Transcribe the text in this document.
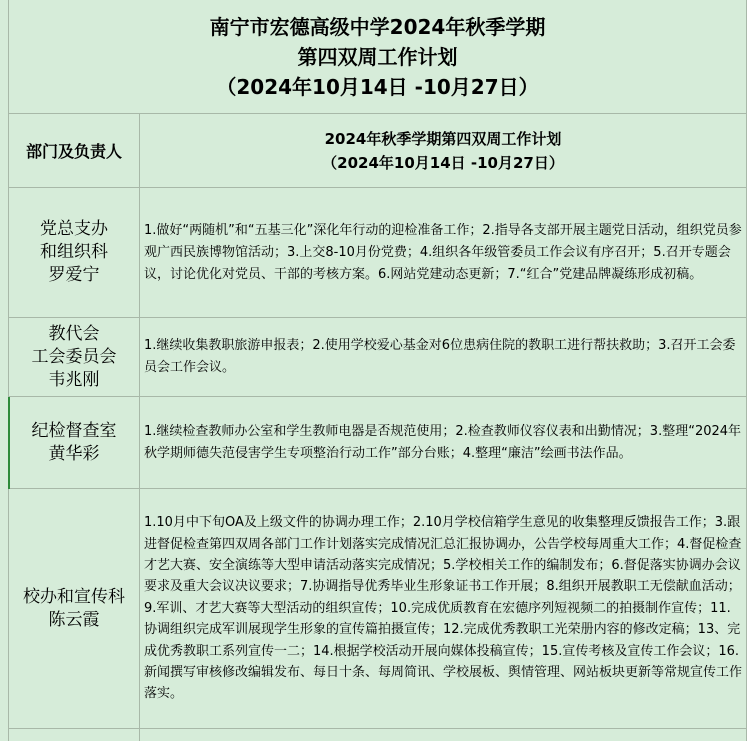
南宁市宏德高级中学2024年秋季学期
第四双周工作计划
（2024年10月14日 -10月27日）
部门及负责人
2024年秋季学期第四双周工作计划
（2024年10月14日 -10月27日）
党总支办
和组织科
罗爱宁
1.做好“两随机”和“五基三化”深化年行动的迎检准备工作；2.指导各支部开展主题党日活动，组织党员参观广西民族博物馆活动；3.上交8-10月份党费；4.组织各年级管委员工作会议有序召开；5.召开专题会议，讨论优化对党员、干部的考核方案。6.网站党建动态更新；7.“红合”党建品牌凝练形成初稿。
教代会
工会委员会
韦兆刚
1.继续收集教职旅游申报表；2.使用学校爱心基金对6位患病住院的教职工进行帮扶救助；3.召开工会委员会工作会议。
纪检督查室
黄华彩
1.继续检查教师办公室和学生教师电器是否规范使用；2.检查教师仪容仪表和出勤情况；3.整理“2024年秋学期师德失范侵害学生专项整治行动工作”部分台账；4.整理“廉洁”绘画书法作品。
校办和宣传科
陈云霞
1.10月中下旬OA及上级文件的协调办理工作；2.10月学校信箱学生意见的收集整理反馈报告工作；3.跟进督促检查第四双周各部门工作计划落实完成情况汇总汇报协调办，公告学校每周重大工作；4.督促检查才艺大赛、安全演练等大型申请活动落实完成情况；5.学校相关工作的编制发布；6.督促落实协调办会议要求及重大会议决议要求；7.协调指导优秀毕业生形象证书工作开展；8.组织开展教职工无偿献血活动；9.军训、才艺大赛等大型活动的组织宣传；10.完成优质教育在宏德序列短视频二的拍摄制作宣传；11.协调组织完成军训展现学生形象的宣传篇拍摄宣传；12.完成优秀教职工光荣册内容的修改定稿；13、完成优秀教职工系列宣传一二；14.根据学校活动开展向媒体投稿宣传；15.宣传考核及宣传工作会议；16.新闻撰写审核修改编辑发布、每日十条、每周简讯、学校展板、舆情管理、网站板块更新等常规宣传工作落实。
